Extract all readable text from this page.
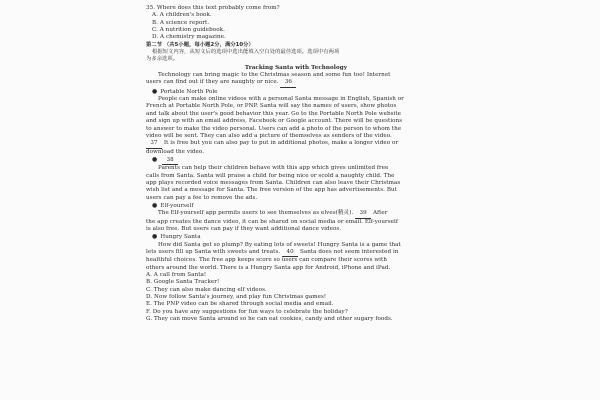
35. Where does this text probably come from?
A. A children's book.
B. A science report.
C. A nutrition guidebook.
D. A chemistry magazine.
第二节 （共5小题，每小题2分，满分10分）
根据短文内容，从短文后的选项中选出能填入空白处的最佳选项。选项中有两项
为多余选项。
Tracking Santa with Technology
Technology can bring magic to the Christmas season and some fun too! Internet
users can find out if they are naughty or nice. 36
● Portable North Pole
People can make online videos with a personal Santa message in English, Spanish or
French at Portable North Pole, or PNP. Santa will say the names of users, show photos
and talk about the user's good behavior this year. Go to the Portable North Pole website
and sign up with an email address, Facebook or Google account. There will be questions
to answer to make the video personal. Users can add a photo of the person to whom the
video will be sent. They can also add a picture of themselves as senders of the video.
37 It is free but you can also pay to put in additional photos, make a longer video or
download the video.
● 38
Parents can help their children behave with this app which gives unlimited free
calls from Santa. Santa will praise a child for being nice or scold a naughty child. The
app plays recorded voice messages from Santa. Children can also leave their Christmas
wish list and a message for Santa. The free version of the app has advertisements. But
users can pay a fee to remove the ads.
● Elf-yourself
The Elf-yourself app permits users to see themselves as elves(精灵). 39 After
the app creates the dance video, it can be shared on social media or email. Elf-yourself
is also free. But users can pay if they want additional dance videos.
● Hungry Santa
How did Santa get so plump? By eating lots of sweets! Hungry Santa is a game that
lets users fill up Santa with sweets and treats. 40 Santa does not seem interested in
healthful choices. The free app keeps score so users can compare their scores with
others around the world. There is a Hungry Santa app for Android, iPhone and iPad.
A. A call from Santa!
B. Google Santa Tracker!
C. They can also make dancing elf videos.
D. Now follow Santa's journey, and play fun Christmas games!
E. The PNP video can be shared through social media and email.
F. Do you have any suggestions for fun ways to celebrate the holiday?
G. They can move Santa around so he can eat cookies, candy and other sugary foods.
